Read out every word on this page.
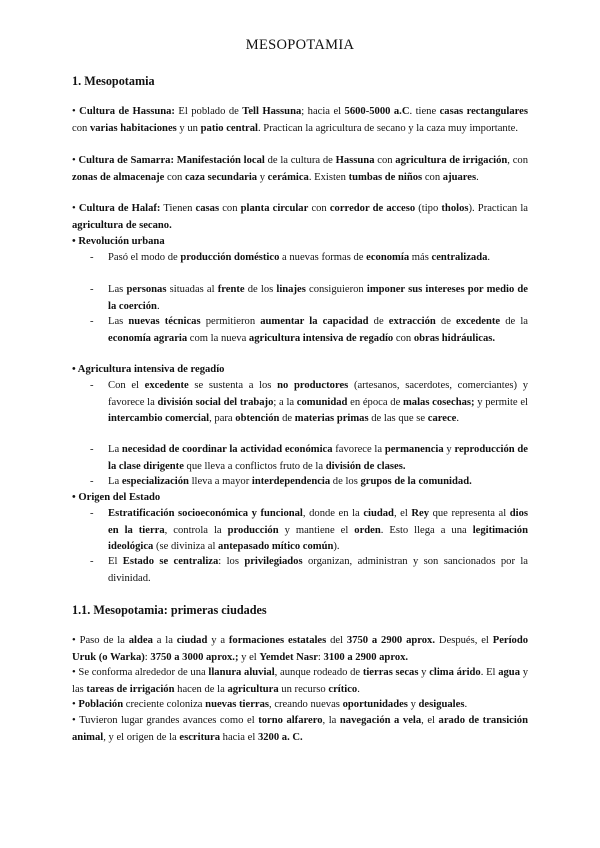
MESOPOTAMIA
1. Mesopotamia
• Cultura de Hassuna: El poblado de Tell Hassuna; hacia el 5600-5000 a.C. tiene casas rectangulares con varias habitaciones y un patio central. Practican la agricultura de secano y la caza muy importante.
• Cultura de Samarra: Manifestación local de la cultura de Hassuna con agricultura de irrigación, con zonas de almacenaje con caza secundaria y cerámica. Existen tumbas de niños con ajuares.
• Cultura de Halaf: Tienen casas con planta circular con corredor de acceso (tipo tholos). Practican la agricultura de secano.
• Revolución urbana
- Pasó el modo de producción doméstico a nuevas formas de economía más centralizada.
- Las personas situadas al frente de los linajes consiguieron imponer sus intereses por medio de la coerción.
- Las nuevas técnicas permitieron aumentar la capacidad de extracción de excedente de la economía agraria com la nueva agricultura intensiva de regadío con obras hidráulicas.
• Agricultura intensiva de regadío
- Con el excedente se sustenta a los no productores (artesanos, sacerdotes, comerciantes) y favorece la división social del trabajo; a la comunidad en época de malas cosechas; y permite el intercambio comercial, para obtención de materias primas de las que se carece.
- La necesidad de coordinar la actividad económica favorece la permanencia y reproducción de la clase dirigente que lleva a conflictos fruto de la división de clases.
- La especialización lleva a mayor interdependencia de los grupos de la comunidad.
• Origen del Estado
- Estratificación socioeconómica y funcional, donde en la ciudad, el Rey que representa al dios en la tierra, controla la producción y mantiene el orden. Esto llega a una legitimación ideológica (se diviniza al antepasado mítico común).
- El Estado se centraliza: los privilegiados organizan, administran y son sancionados por la divinidad.
1.1. Mesopotamia: primeras ciudades
• Paso de la aldea a la ciudad y a formaciones estatales del 3750 a 2900 aprox. Después, el Período Uruk (o Warka): 3750 a 3000 aprox.; y el Yemdet Nasr: 3100 a 2900 aprox.
• Se conforma alrededor de una llanura aluvial, aunque rodeado de tierras secas y clima árido. El agua y las tareas de irrigación hacen de la agricultura un recurso crítico.
• Población creciente coloniza nuevas tierras, creando nuevas oportunidades y desiguales.
• Tuvieron lugar grandes avances como el torno alfarero, la navegación a vela, el arado de transición animal, y el origen de la escritura hacia el 3200 a. C.
